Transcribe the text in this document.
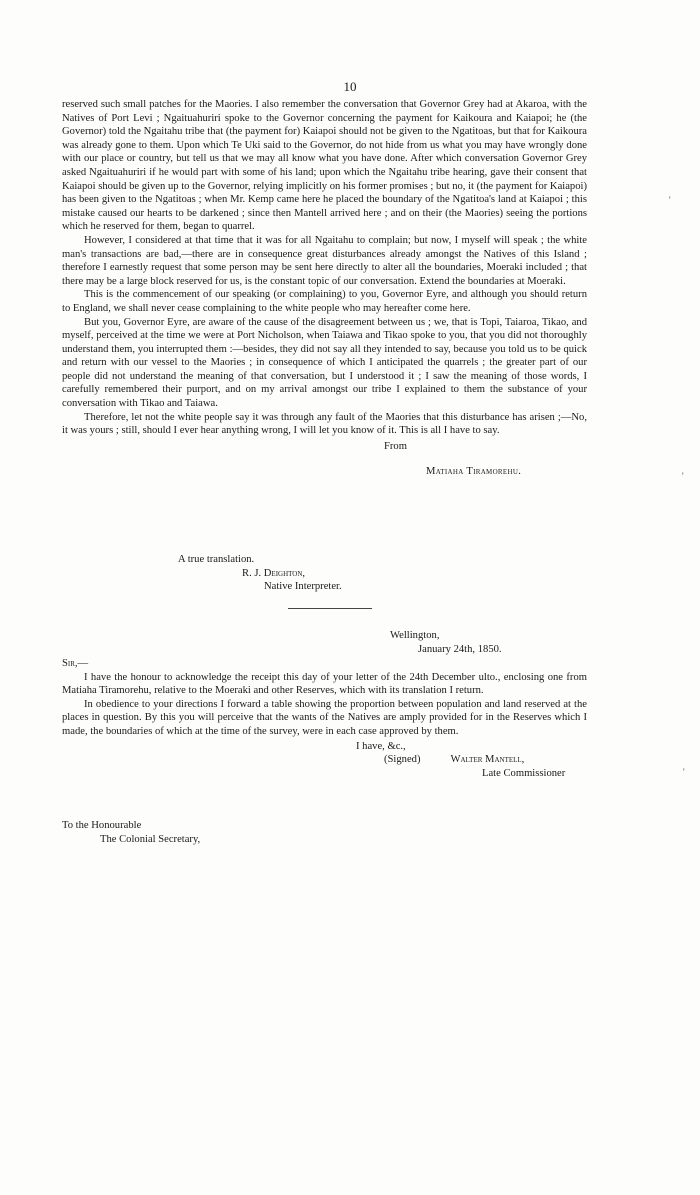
10

reserved such small patches for the Maories. I also remember the conversation that Governor Grey had at Akaroa, with the Natives of Port Levi ; Ngaituahuriri spoke to the Governor concerning the payment for Kaikoura and Kaiapoi; he (the Governor) told the Ngaitahu tribe that (the payment for) Kaiapoi should not be given to the Ngatitoas, but that for Kaikoura was already gone to them. Upon which Te Uki said to the Governor, do not hide from us what you may have wrongly done with our place or country, but tell us that we may all know what you have done. After which conversation Governor Grey asked Ngaituahuriri if he would part with some of his land; upon which the Ngaitahu tribe hearing, gave their consent that Kaiapoi should be given up to the Governor, relying implicitly on his former promises ; but no, it (the payment for Kaiapoi) has been given to the Ngatitoas ; when Mr. Kemp came here he placed the boundary of the Ngatitoa's land at Kaiapoi ; this mistake caused our hearts to be darkened ; since then Mantell arrived here ; and on their (the Maories) seeing the portions which he reserved for them, began to quarrel.

However, I considered at that time that it was for all Ngaitahu to complain; but now, I myself will speak ; the white man's transactions are bad,—there are in consequence great disturbances already amongst the Natives of this Island ; therefore I earnestly request that some person may be sent here directly to alter all the boundaries, Moeraki included ; that there may be a large block reserved for us, is the constant topic of our conversation. Extend the boundaries at Moeraki.

This is the commencement of our speaking (or complaining) to you, Governor Eyre, and although you should return to England, we shall never cease complaining to the white people who may hereafter come here.

But you, Governor Eyre, are aware of the cause of the disagreement between us ; we, that is Topi, Taiaroa, Tikao, and myself, perceived at the time we were at Port Nicholson, when Taiawa and Tikao spoke to you, that you did not thoroughly understand them, you interrupted them :—besides, they did not say all they intended to say, because you told us to be quick and return with our vessel to the Maories ; in consequence of which I anticipated the quarrels ; the greater part of our people did not understand the meaning of that conversation, but I understood it ; I saw the meaning of those words, I carefully remembered their purport, and on my arrival amongst our tribe I explained to them the substance of your conversation with Tikao and Taiawa.

Therefore, let not the white people say it was through any fault of the Maories that this disturbance has arisen ;—No, it was yours ; still, should I ever hear anything wrong, I will let you know of it. This is all I have to say.

From
Matiaha Tiramorehu.
A true translation.
R. J. Deighton,
Native Interpreter.
Wellington,
January 24th, 1850.
Sir,—

I have the honour to acknowledge the receipt this day of your letter of the 24th December ulto., enclosing one from Matiaha Tiramorehu, relative to the Moeraki and other Reserves, which with its translation I return.

In obedience to your directions I forward a table showing the proportion between population and land reserved at the places in question. By this you will perceive that the wants of the Natives are amply provided for in the Reserves which I made, the boundaries of which at the time of the survey, were in each case approved by them.

I have, &c.,
(Signed)	Walter Mantell,
Late Commissioner
To the Honourable
The Colonial Secretary,
'
'
'
